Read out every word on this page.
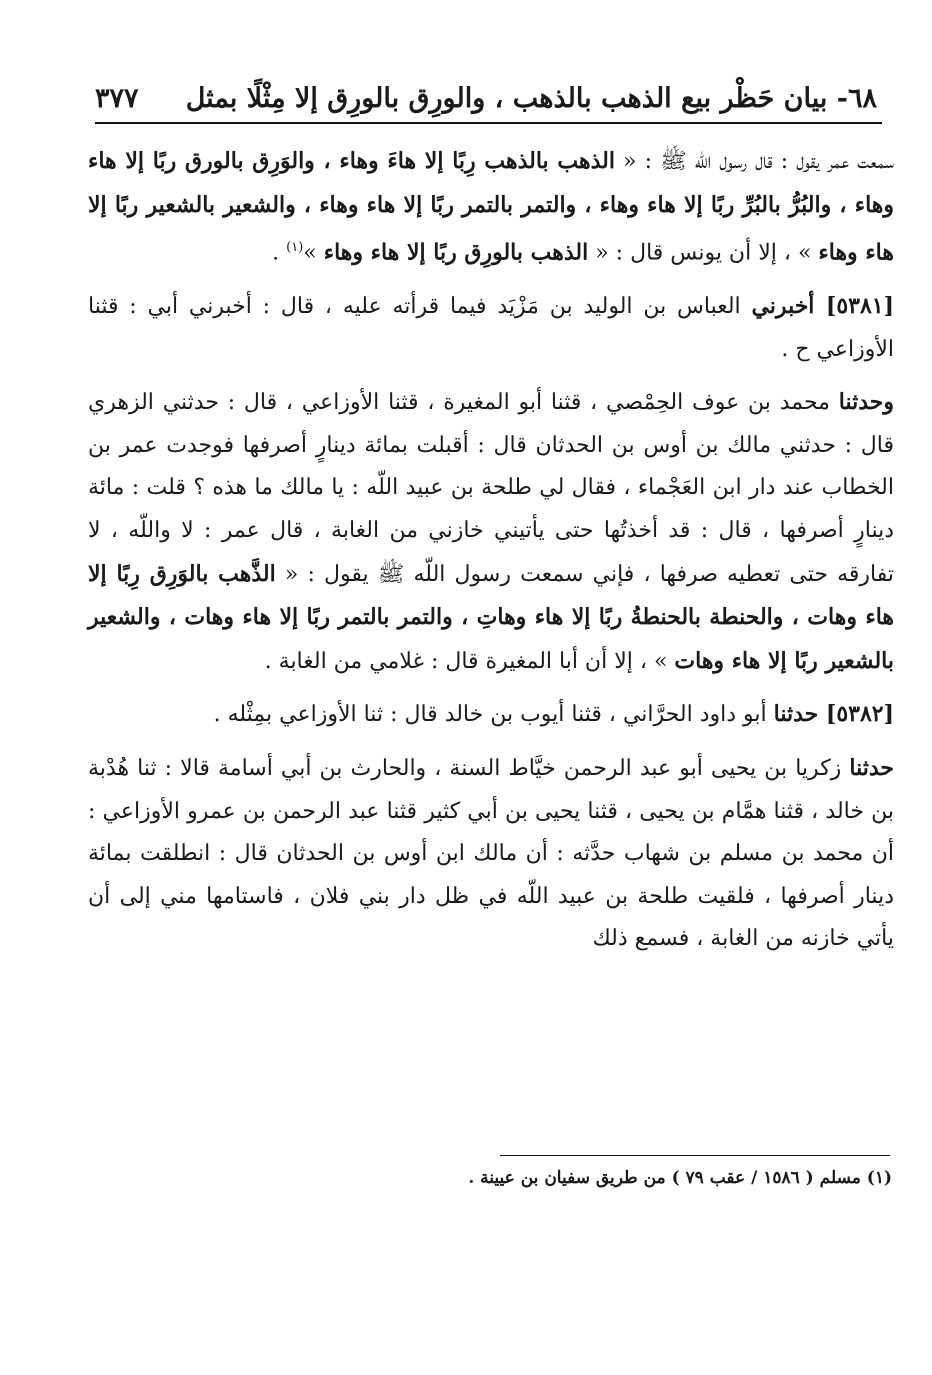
٦٨- بيان حَظْر بيع الذهب بالذهب ، والورِق بالورِق إلا مِثْلًا بمثل
٣٧٧

سمعت عمر يقول : قال رسول اللّه ﷺ : « الذهب بالذهب رِبًا إلا هاءَ وهاء ، والوَرِق بالورق ربًا إلا هاء وهاء ، والبُرُّ بالبُرِّ ربًا إلا هاء وهاء ، والتمر بالتمر ربًا إلا هاء وهاء ، والشعير بالشعير ربًا إلا هاء وهاء » ، إلا أن يونس قال : « الذهب بالورِق ربًا إلا هاء وهاء »$^{(١)}$ .

[٥٣٨١] أخبرني العباس بن الوليد بن مَزْيَد فيما قرأته عليه ، قال : أخبرني أبي : قثنا الأوزاعي ح .

وحدثنا محمد بن عوف الحِمْصي ، قثنا أبو المغيرة ، قثنا الأوزاعي ، قال : حدثني الزهري قال : حدثني مالك بن أوس بن الحدثان قال : أقبلت بمائة دينارٍ أصرفها فوجدت عمر بن الخطاب عند دار ابن العَجْماء ، فقال لي طلحة بن عبيد اللّه : يا مالك ما هذه ؟ قلت : مائة دينارٍ أصرفها ، قال : قد أخذتُها حتى يأتيني خازني من الغابة ، قال عمر : لا واللّه ، لا تفارقه حتى تعطيه صرفها ، فإني سمعت رسول اللّه ﷺ يقول : « الذَّهب بالوَرِق رِبًا إلا هاء وهات ، والحنطة بالحنطةُ ربًا إلا هاء وهاتِ ، والتمر بالتمر ربًا إلا هاء وهات ، والشعير بالشعير ربًا إلا هاء وهات » ، إلا أن أبا المغيرة قال : غلامي من الغابة .

[٥٣٨٢] حدثنا أبو داود الحرَّاني ، قثنا أيوب بن خالد قال : ثنا الأوزاعي بمِثْله .

حدثنا زكريا بن يحيى أبو عبد الرحمن خيَّاط السنة ، والحارث بن أبي أسامة قالا : ثنا هُدْبة بن خالد ، قثنا همَّام بن يحيى ، قثنا يحيى بن أبي كثير قثنا عبد الرحمن بن عمرو الأوزاعي : أن محمد بن مسلم بن شهاب حدَّثه : أن مالك ابن أوس بن الحدثان قال : انطلقت بمائة دينار أصرفها ، فلقيت طلحة بن عبيد اللّه في ظل دار بني فلان ، فاستامها مني إلى أن يأتي خازنه من الغابة ، فسمع ذلك

(١) مسلم ( ١٥٨٦ / عقب ٧٩ ) من طريق سفيان بن عيينة .
